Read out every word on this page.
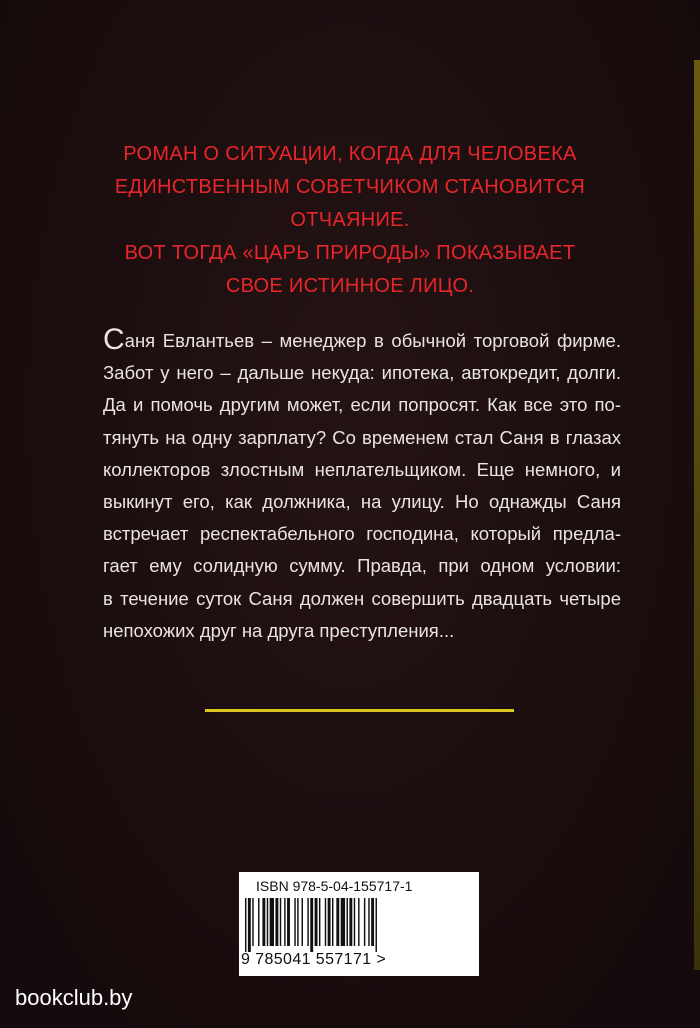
РОМАН О СИТУАЦИИ, КОГДА ДЛЯ ЧЕЛОВЕКА
ЕДИНСТВЕННЫМ СОВЕТЧИКОМ СТАНОВИТСЯ ОТЧАЯНИЕ.
ВОТ ТОГДА «ЦАРЬ ПРИРОДЫ» ПОКАЗЫВАЕТ
СВОЕ ИСТИННОЕ ЛИЦО.
Саня Евлантьев – менеджер в обычной торговой фирме.
Забот у него – дальше некуда: ипотека, автокредит, долги.
Да и помочь другим может, если попросят. Как все это по-
тянуть на одну зарплату? Со временем стал Саня в глазах
коллекторов злостным неплательщиком. Еще немного, и
выкинут его, как должника, на улицу. Но однажды Саня
встречает респектабельного господина, который предла-
гает ему солидную сумму. Правда, при одном условии:
в течение суток Саня должен совершить двадцать четыре
непохожих друг на друга преступления...
ISBN 978-5-04-155717-1
9 785041 557171 >
bookclub.by
